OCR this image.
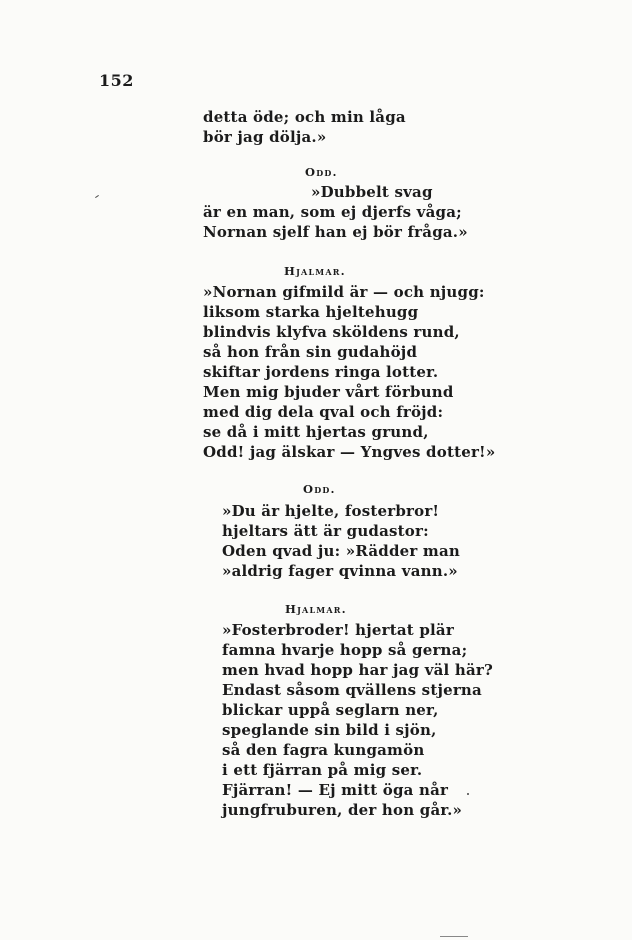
152
detta öde; och min låga
bör jag dölja.»
Odd.
»Dubbelt svag
är en man, som ej djerfs våga;
Nornan sjelf han ej bör fråga.»
Hjalmar.
»Nornan gifmild är — och njugg:
liksom starka hjeltehugg
blindvis klyfva sköldens rund,
så hon från sin gudahöjd
skiftar jordens ringa lotter.
Men mig bjuder vårt förbund
med dig dela qval och fröjd:
se då i mitt hjertas grund,
Odd! jag älskar — Yngves dotter!»
Odd.
»Du är hjelte, fosterbror!
hjeltars ätt är gudastor:
Oden qvad ju: »Rädder man
»aldrig fager qvinna vann.»
Hjalmar.
»Fosterbroder! hjertat plär
famna hvarje hopp så gerna;
men hvad hopp har jag väl här?
Endast såsom qvällens stjerna
blickar uppå seglarn ner,
speglande sin bild i sjön,
så den fagra kungamön
i ett fjärran på mig ser.
Fjärran! — Ej mitt öga når
jungfruburen, der hon går.»
